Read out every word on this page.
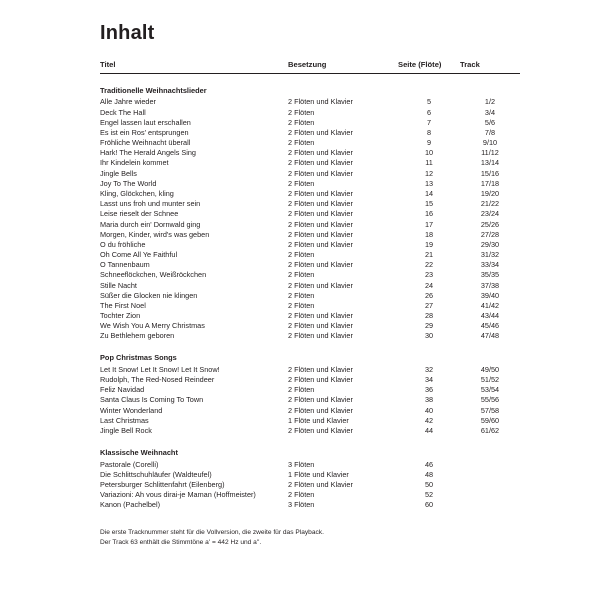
Inhalt
Titel	Besetzung	Seite (Flöte)	Track

Traditionelle Weihnachtslieder			
Alle Jahre wieder	2 Flöten und Klavier	5	1/2
Deck The Hall	2 Flöten	6	3/4
Engel lassen laut erschallen	2 Flöten	7	5/6
Es ist ein Ros' entsprungen	2 Flöten und Klavier	8	7/8
Fröhliche Weihnacht überall	2 Flöten	9	9/10
Hark! The Herald Angels Sing	2 Flöten und Klavier	10	11/12
Ihr Kindelein kommet	2 Flöten und Klavier	11	13/14
Jingle Bells	2 Flöten und Klavier	12	15/16
Joy To The World	2 Flöten	13	17/18
Kling, Glöckchen, kling	2 Flöten und Klavier	14	19/20
Lasst uns froh und munter sein	2 Flöten und Klavier	15	21/22
Leise rieselt der Schnee	2 Flöten und Klavier	16	23/24
Maria durch ein' Dornwald ging	2 Flöten und Klavier	17	25/26
Morgen, Kinder, wird's was geben	2 Flöten und Klavier	18	27/28
O du fröhliche	2 Flöten und Klavier	19	29/30
Oh Come All Ye Faithful	2 Flöten	21	31/32
O Tannenbaum	2 Flöten und Klavier	22	33/34
Schneeflöckchen, Weißröckchen	2 Flöten	23	35/35
Stille Nacht	2 Flöten und Klavier	24	37/38
Süßer die Glocken nie klingen	2 Flöten	26	39/40
The First Noel	2 Flöten	27	41/42
Tochter Zion	2 Flöten und Klavier	28	43/44
We Wish You A Merry Christmas	2 Flöten und Klavier	29	45/46
Zu Bethlehem geboren	2 Flöten und Klavier	30	47/48

Pop Christmas Songs			
Let It Snow! Let It Snow! Let It Snow!	2 Flöten und Klavier	32	49/50
Rudolph, The Red-Nosed Reindeer	2 Flöten und Klavier	34	51/52
Feliz Navidad	2 Flöten	36	53/54
Santa Claus Is Coming To Town	2 Flöten und Klavier	38	55/56
Winter Wonderland	2 Flöten und Klavier	40	57/58
Last Christmas	1 Flöte und Klavier	42	59/60
Jingle Bell Rock	2 Flöten und Klavier	44	61/62

Klassische Weihnacht			
Pastorale (Corelli)	3 Flöten	46	
Die Schlittschuhläufer (Waldteufel)	1 Flöte und Klavier	48	
Petersburger Schlittenfahrt (Eilenberg)	2 Flöten und Klavier	50	
Variazioni: Ah vous dirai-je Maman (Hoffmeister)	2 Flöten	52	
Kanon (Pachelbel)	3 Flöten	60	
Die erste Tracknummer steht für die Vollversion, die zweite für das Playback.
Der Track 63 enthält die Stimmtöne a' = 442 Hz und a''.
